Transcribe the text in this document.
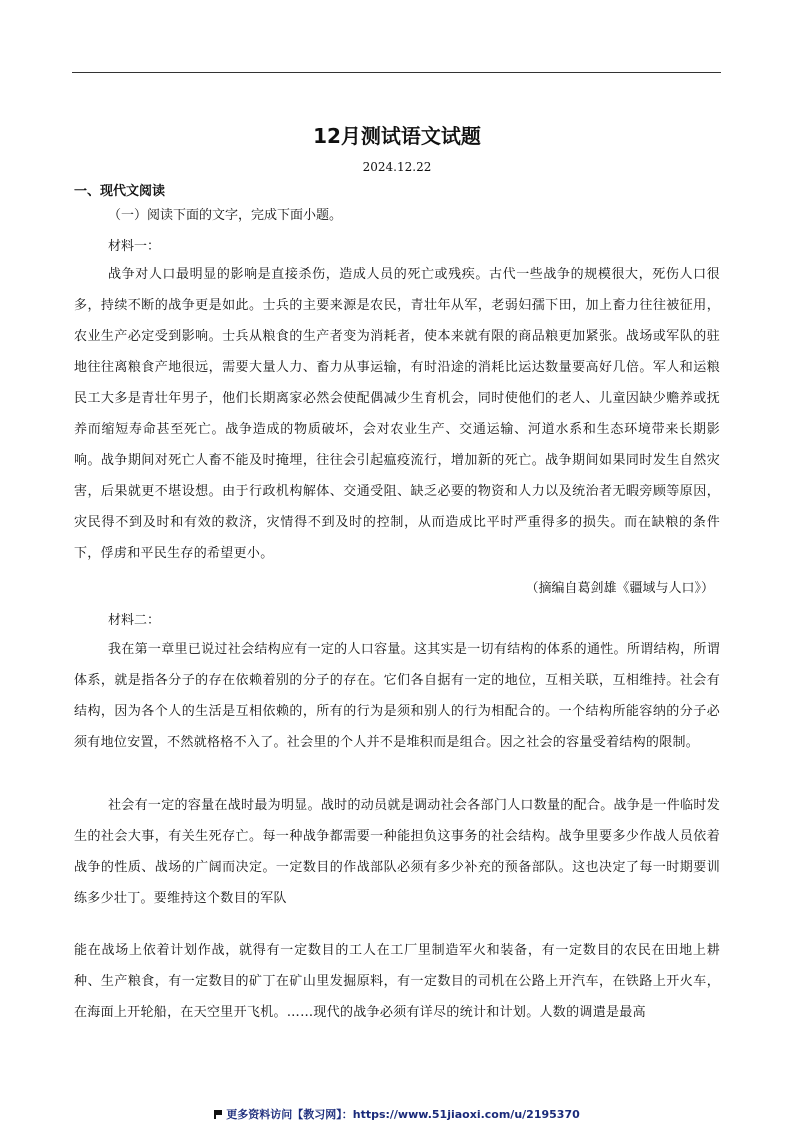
12月测试语文试题
2024.12.22
一、现代文阅读
（一）阅读下面的文字，完成下面小题。
材料一：
战争对人口最明显的影响是直接杀伤，造成人员的死亡或残疾。古代一些战争的规模很大，死伤人口很多，持续不断的战争更是如此。士兵的主要来源是农民，青壮年从军，老弱妇孺下田，加上畜力往往被征用，农业生产必定受到影响。士兵从粮食的生产者变为消耗者，使本来就有限的商品粮更加紧张。战场或军队的驻地往往离粮食产地很远，需要大量人力、畜力从事运输，有时沿途的消耗比运达数量要高好几倍。军人和运粮民工大多是青壮年男子，他们长期离家必然会使配偶减少生育机会，同时使他们的老人、儿童因缺少赡养或抚养而缩短寿命甚至死亡。战争造成的物质破坏，会对农业生产、交通运输、河道水系和生态环境带来长期影响。战争期间对死亡人畜不能及时掩埋，往往会引起瘟疫流行，增加新的死亡。战争期间如果同时发生自然灾害，后果就更不堪设想。由于行政机构解体、交通受阻、缺乏必要的物资和人力以及统治者无暇旁顾等原因，灾民得不到及时和有效的救济，灾情得不到及时的控制，从而造成比平时严重得多的损失。而在缺粮的条件下，俘虏和平民生存的希望更小。
（摘编自葛剑雄《疆域与人口》）
材料二：
我在第一章里已说过社会结构应有一定的人口容量。这其实是一切有结构的体系的通性。所谓结构，所谓体系，就是指各分子的存在依赖着别的分子的存在。它们各自据有一定的地位，互相关联，互相维持。社会有结构，因为各个人的生活是互相依赖的，所有的行为是须和别人的行为相配合的。一个结构所能容纳的分子必须有地位安置，不然就格格不入了。社会里的个人并不是堆积而是组合。因之社会的容量受着结构的限制。
社会有一定的容量在战时最为明显。战时的动员就是调动社会各部门人口数量的配合。战争是一件临时发生的社会大事，有关生死存亡。每一种战争都需要一种能担负这事务的社会结构。战争里要多少作战人员依着战争的性质、战场的广阔而决定。一定数目的作战部队必须有多少补充的预备部队。这也决定了每一时期要训练多少壮丁。要维持这个数目的军队
能在战场上依着计划作战，就得有一定数目的工人在工厂里制造军火和装备，有一定数目的农民在田地上耕种、生产粮食，有一定数目的矿丁在矿山里发掘原料，有一定数目的司机在公路上开汽车，在铁路上开火车，在海面上开轮船，在天空里开飞机。……现代的战争必须有详尽的统计和计划。人数的调遣是最高
更多资料访问【教习网】：https://www.51jiaoxi.com/u/2195370
